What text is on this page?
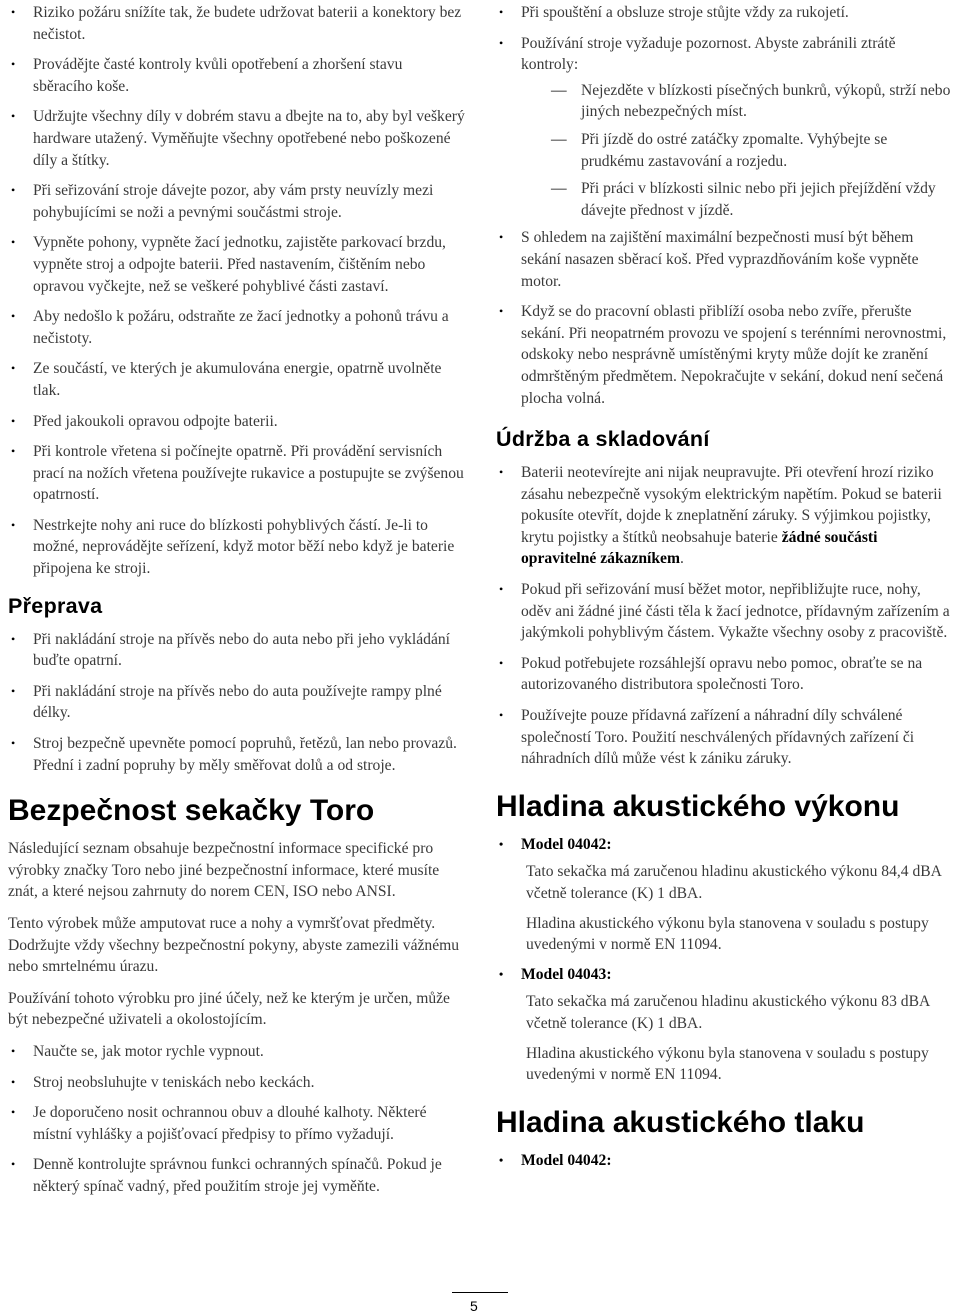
• Riziko požáru snížíte tak, že budete udržovat baterii a konektory bez nečistot.
• Provádějte časté kontroly kvůli opotřebení a zhoršení stavu sběracího koše.
• Udržujte všechny díly v dobrém stavu a dbejte na to, aby byl veškerý hardware utažený. Vyměňujte všechny opotřebené nebo poškozené díly a štítky.
• Při seřizování stroje dávejte pozor, aby vám prsty neuvízly mezi pohybujícími se noži a pevnými součástmi stroje.
• Vypněte pohony, vypněte žací jednotku, zajistěte parkovací brzdu, vypněte stroj a odpojte baterii. Před nastavením, čištěním nebo opravou vyčkejte, než se veškeré pohyblivé části zastaví.
• Aby nedošlo k požáru, odstraňte ze žací jednotky a pohonů trávu a nečistoty.
• Ze součástí, ve kterých je akumulována energie, opatrně uvolněte tlak.
• Před jakoukoli opravou odpojte baterii.
• Při kontrole vřetena si počínejte opatrně. Při provádění servisních prací na nožích vřetena používejte rukavice a postupujte se zvýšenou opatrností.
• Nestrkejte nohy ani ruce do blízkosti pohyblivých částí. Je-li to možné, neprovádějte seřízení, když motor běží nebo když je baterie připojena ke stroji.
Přeprava
• Při nakládání stroje na přívěs nebo do auta nebo při jeho vykládání buďte opatrní.
• Při nakládání stroje na přívěs nebo do auta používejte rampy plné délky.
• Stroj bezpečně upevněte pomocí popruhů, řetězů, lan nebo provazů. Přední i zadní popruhy by měly směřovat dolů a od stroje.
Bezpečnost sekačky Toro

Následující seznam obsahuje bezpečnostní informace specifické pro výrobky značky Toro nebo jiné bezpečnostní informace, které musíte znát, a které nejsou zahrnuty do norem CEN, ISO nebo ANSI.

Tento výrobek může amputovat ruce a nohy a vymršťovat předměty. Dodržujte vždy všechny bezpečnostní pokyny, abyste zamezili vážnému nebo smrtelnému úrazu.

Používání tohoto výrobku pro jiné účely, než ke kterým je určen, může být nebezpečné uživateli a okolostojícím.

• Naučte se, jak motor rychle vypnout.
• Stroj neobsluhujte v teniskách nebo keckách.
• Je doporučeno nosit ochrannou obuv a dlouhé kalhoty. Některé místní vyhlášky a pojišťovací předpisy to přímo vyžadují.
• Denně kontrolujte správnou funkci ochranných spínačů. Pokud je některý spínač vadný, před použitím stroje jej vyměňte.
• Při spouštění a obsluze stroje stůjte vždy za rukojetí.
• Používání stroje vyžaduje pozornost. Abyste zabránili ztrátě kontroly:
— Nejezděte v blízkosti písečných bunkrů, výkopů, strží nebo jiných nebezpečných míst.
— Při jízdě do ostré zatáčky zpomalte. Vyhýbejte se prudkému zastavování a rozjedu.
— Při práci v blízkosti silnic nebo při jejich přejíždění vždy dávejte přednost v jízdě.
• S ohledem na zajištění maximální bezpečnosti musí být během sekání nasazen sběrací koš. Před vyprazdňováním koše vypněte motor.
• Když se do pracovní oblasti přiblíží osoba nebo zvíře, přerušte sekání. Při neopatrném provozu ve spojení s terénními nerovnostmi, odskoky nebo nesprávně umístěnými kryty může dojít ke zranění odmrštěným předmětem. Nepokračujte v sekání, dokud není sečená plocha volná.
Údržba a skladování
• Baterii neotevírejte ani nijak neupravujte. Při otevření hrozí riziko zásahu nebezpečně vysokým elektrickým napětím. Pokud se baterii pokusíte otevřít, dojde k zneplatnění záruky. S výjimkou pojistky, krytu pojistky a štítků neobsahuje baterie žádné součásti opravitelné zákazníkem.
• Pokud při seřizování musí běžet motor, nepřibližujte ruce, nohy, oděv ani žádné jiné části těla k žací jednotce, přídavným zařízením a jakýmkoli pohyblivým částem. Vykažte všechny osoby z pracoviště.
• Pokud potřebujete rozsáhlejší opravu nebo pomoc, obraťte se na autorizovaného distributora společnosti Toro.
• Používejte pouze přídavná zařízení a náhradní díly schválené společností Toro. Použití neschválených přídavných zařízení či náhradních dílů může vést k zániku záruky.
Hladina akustického výkonu
• Model 04042:

Tato sekačka má zaručenou hladinu akustického výkonu 84,4 dBA včetně tolerance (K) 1 dBA.

Hladina akustického výkonu byla stanovena v souladu s postupy uvedenými v normě EN 11094.

• Model 04043:

Tato sekačka má zaručenou hladinu akustického výkonu 83 dBA včetně tolerance (K) 1 dBA.

Hladina akustického výkonu byla stanovena v souladu s postupy uvedenými v normě EN 11094.

Hladina akustického tlaku
• Model 04042:
5
